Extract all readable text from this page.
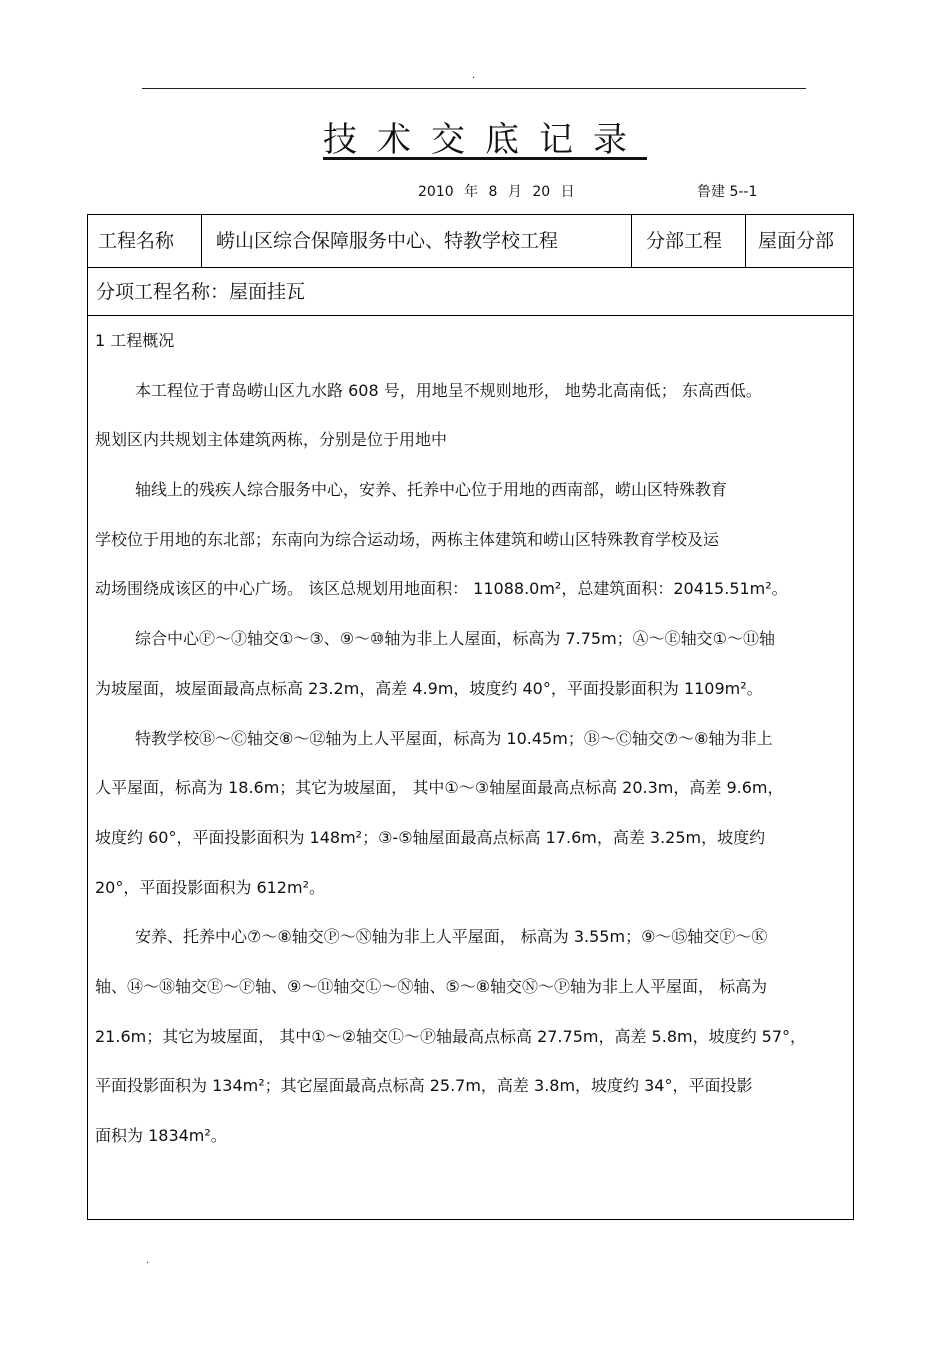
.
技术交底记录
2010 年 8 月 20 日	鲁建 5--1
工程名称	崂山区综合保障服务中心、特教学校工程	分部工程	屋面分部
分项工程名称：屋面挂瓦
1 工程概况
本工程位于青岛崂山区九水路 608 号，用地呈不规则地形， 地势北高南低； 东高西低。
规划区内共规划主体建筑两栋，分别是位于用地中
轴线上的残疾人综合服务中心，安养、托养中心位于用地的西南部，崂山区特殊教育
学校位于用地的东北部；东南向为综合运动场，两栋主体建筑和崂山区特殊教育学校及运
动场围绕成该区的中心广场。 该区总规划用地面积： 11088.0m²，总建筑面积：20415.51m²。
综合中心Ⓕ～Ⓙ轴交①～③、⑨～⑩轴为非上人屋面，标高为 7.75m；Ⓐ～Ⓔ轴交①～⑪轴
为坡屋面，坡屋面最高点标高 23.2m，高差 4.9m，坡度约 40°，平面投影面积为 1109m²。
特教学校Ⓑ～Ⓒ轴交⑧～⑫轴为上人平屋面，标高为 10.45m；Ⓑ～Ⓒ轴交⑦～⑧轴为非上
人平屋面，标高为 18.6m；其它为坡屋面， 其中①～③轴屋面最高点标高 20.3m，高差 9.6m，
坡度约 60°，平面投影面积为 148m²；③-⑤轴屋面最高点标高 17.6m，高差 3.25m，坡度约
20°，平面投影面积为 612m²。
安养、托养中心⑦～⑧轴交Ⓟ～Ⓝ轴为非上人平屋面， 标高为 3.55m；⑨～⑮轴交Ⓕ～Ⓚ
轴、⑭～⑱轴交Ⓔ～Ⓕ轴、⑨～⑪轴交Ⓛ～Ⓝ轴、⑤～⑧轴交Ⓝ～Ⓟ轴为非上人平屋面， 标高为
21.6m；其它为坡屋面， 其中①～②轴交Ⓛ～Ⓟ轴最高点标高 27.75m，高差 5.8m，坡度约 57°，
平面投影面积为 134m²；其它屋面最高点标高 25.7m，高差 3.8m，坡度约 34°，平面投影
面积为 1834m²。
.
